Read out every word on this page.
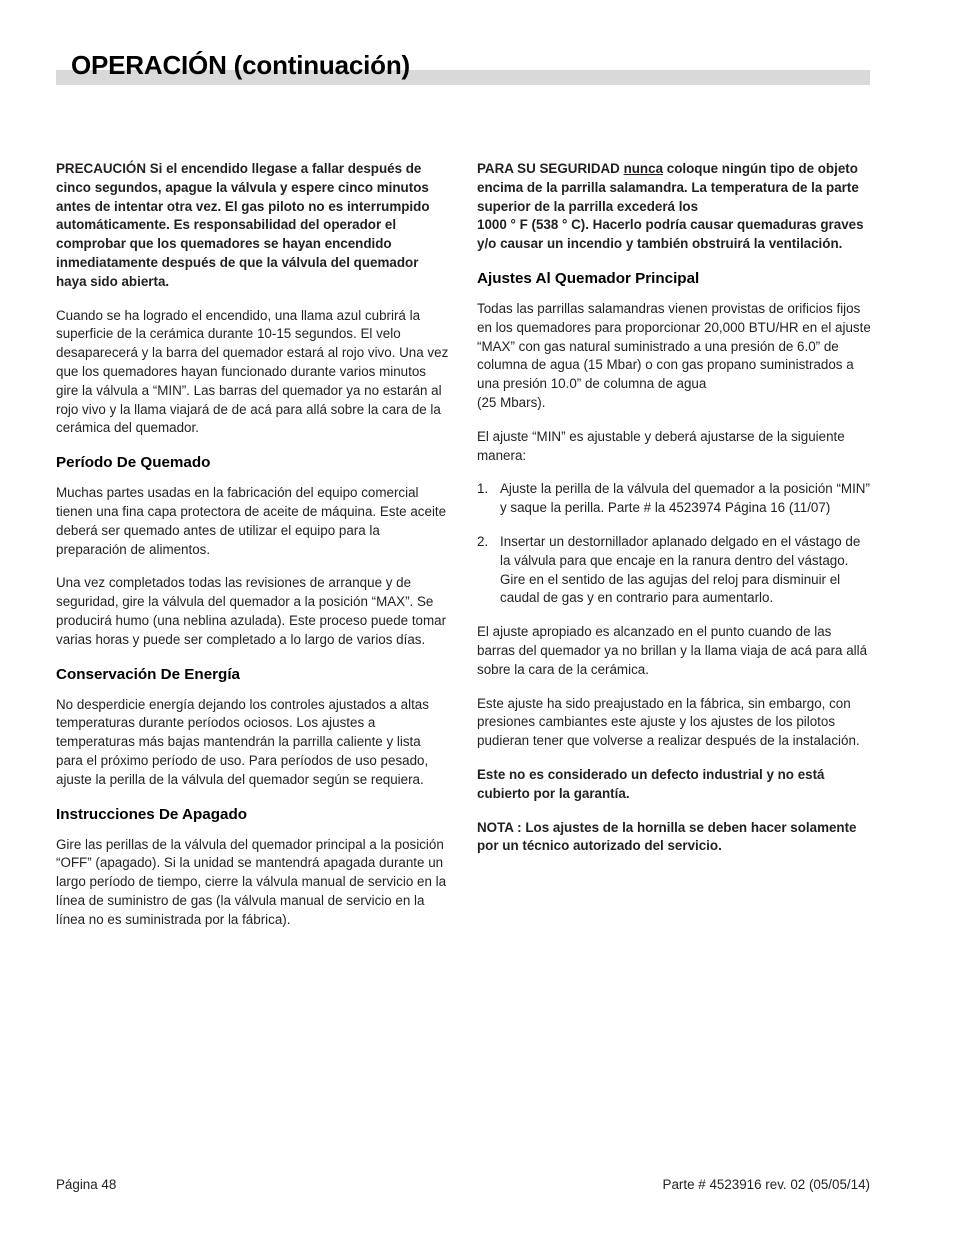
OPERACIÓN (continuación)

PRECAUCIÓN Si el encendido llegase a fallar después de cinco segundos, apague la válvula y espere cinco minutos antes de intentar otra vez. El gas piloto no es interrumpido automáticamente. Es responsabilidad del operador el comprobar que los quemadores se hayan encendido inmediatamente después de que la válvula del quemador haya sido abierta.

Cuando se ha logrado el encendido, una llama azul cubrirá la superficie de la cerámica durante 10-15 segundos. El velo desaparecerá y la barra del quemador estará al rojo vivo. Una vez que los quemadores hayan funcionado durante varios minutos gire la válvula a “MIN”. Las barras del quemador ya no estarán al rojo vivo y la llama viajará de de acá para allá sobre la cara de la cerámica del quemador.

Período De Quemado

Muchas partes usadas en la fabricación del equipo comercial tienen una fina capa protectora de aceite de máquina. Este aceite deberá ser quemado antes de utilizar el equipo para la preparación de alimentos.

Una vez completados todas las revisiones de arranque y de seguridad, gire la válvula del quemador a la posición “MAX”. Se producirá humo (una neblina azulada). Este proceso puede tomar varias horas y puede ser completado a lo largo de varios días.

Conservación De Energía

No desperdicie energía dejando los controles ajustados a altas temperaturas durante períodos ociosos. Los ajustes a temperaturas más bajas mantendrán la parrilla caliente y lista para el próximo período de uso. Para períodos de uso pesado, ajuste la perilla de la válvula del quemador según se requiera.

Instrucciones De Apagado

Gire las perillas de la válvula del quemador principal a la posición “OFF” (apagado). Si la unidad se mantendrá apagada durante un largo período de tiempo, cierre la válvula manual de servicio en la línea de suministro de gas (la válvula manual de servicio en la línea no es suministrada por la fábrica).

PARA SU SEGURIDAD nunca coloque ningún tipo de objeto encima de la parrilla salamandra. La temperatura de la parte superior de la parrilla excederá los
1000 ° F (538 ° C). Hacerlo podría causar quemaduras graves y/o causar un incendio y también obstruirá la ventilación.

Ajustes Al Quemador Principal

Todas las parrillas salamandras vienen provistas de orificios fijos en los quemadores para proporcionar 20,000 BTU/HR en el ajuste “MAX” con gas natural suministrado a una presión de 6.0” de columna de agua (15 Mbar) o con gas propano suministrados a una presión 10.0” de columna de agua
(25 Mbars).

El ajuste “MIN” es ajustable y deberá ajustarse de la siguiente manera:

1. Ajuste la perilla de la válvula del quemador a la posición “MIN” y saque la perilla. Parte # la 4523974 Página 16 (11/07)
2. Insertar un destornillador aplanado delgado en el vástago de la válvula para que encaje en la ranura dentro del vástago. Gire en el sentido de las agujas del reloj para disminuir el caudal de gas y en contrario para aumentarlo.

El ajuste apropiado es alcanzado en el punto cuando de las barras del quemador ya no brillan y la llama viaja de acá para allá sobre la cara de la cerámica.

Este ajuste ha sido preajustado en la fábrica, sin embargo, con presiones cambiantes este ajuste y los ajustes de los pilotos pudieran tener que volverse a realizar después de la instalación.

Este no es considerado un defecto industrial y no está cubierto por la garantía.

NOTA : Los ajustes de la hornilla se deben hacer solamente por un técnico autorizado del servicio.

Página 48	Parte # 4523916 rev. 02 (05/05/14)
